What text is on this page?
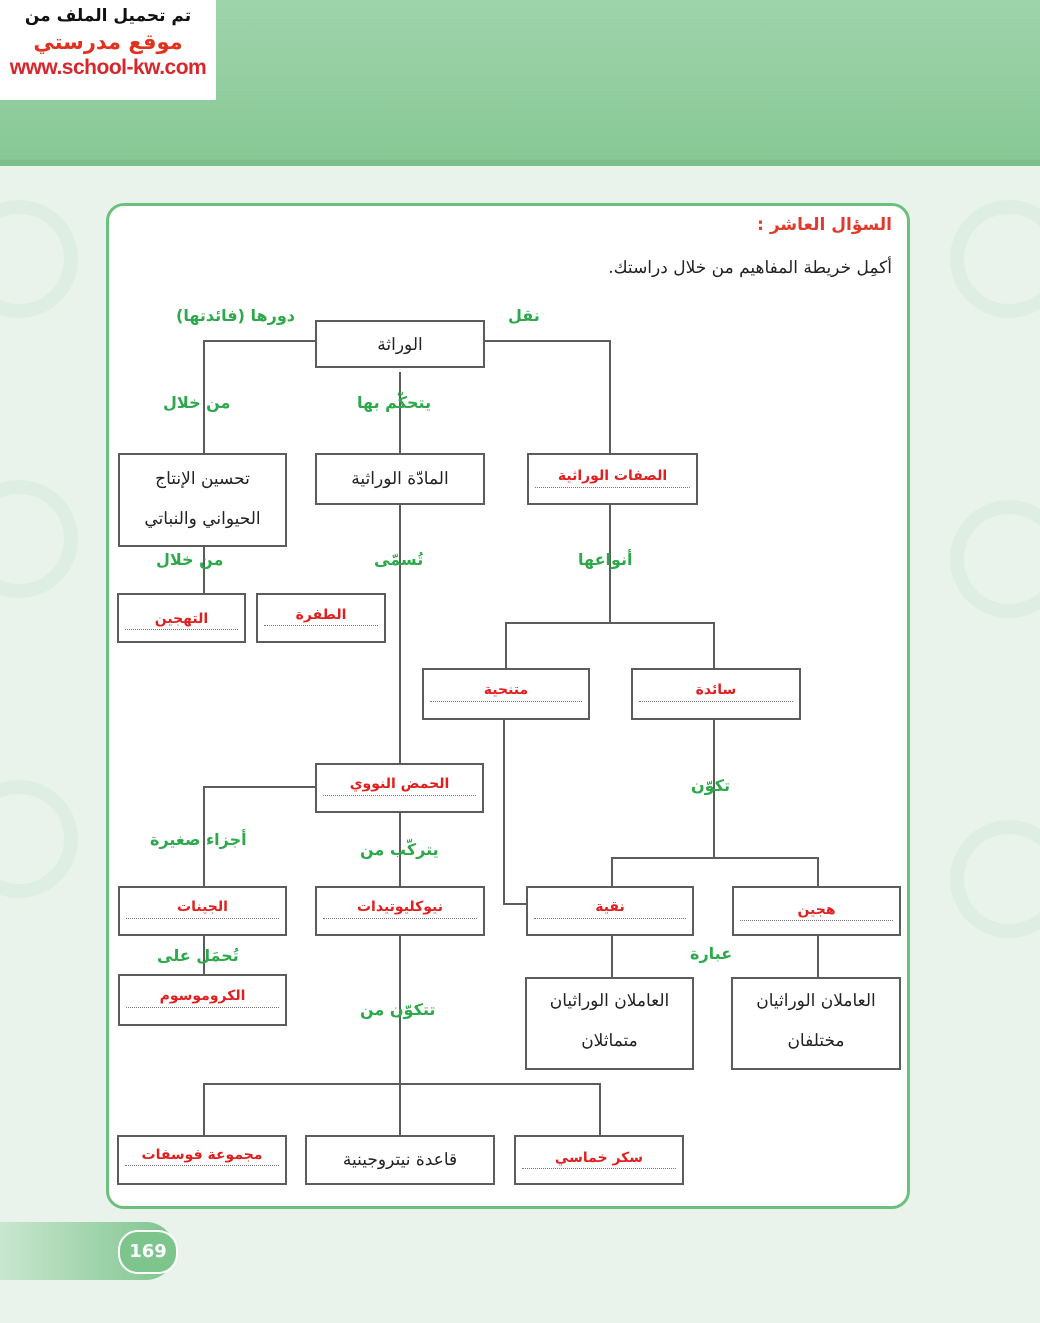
تم تحميل الملف من
موقع مدرستي
www.school-kw.com
السؤال العاشر :
أكمِل خريطة المفاهيم من خلال دراستك.
دورها (فائدتها)	نقل
من خلال	يتحكّم بها
تُسمّى
من خلال	أنواعها
تكوّن
أجزاء صغيرة
يتركّب من
عبارة
تُحمَل على
تتكوّن من
الوراثة
تحسين الإنتاج
الحيواني والنباتي
المادّة الوراثية	الصفات الوراثية
التهجين	الطفرة
متنحية	سائدة
الحمض النووي
الجينات	نيوكليوتيدات	نقية	هجين
الكروموسوم	العاملان الوراثيان
متماثلان
العاملان الوراثيان
مختلفان
مجموعة فوسفات	قاعدة نيتروجينية	سكر خماسي
169
